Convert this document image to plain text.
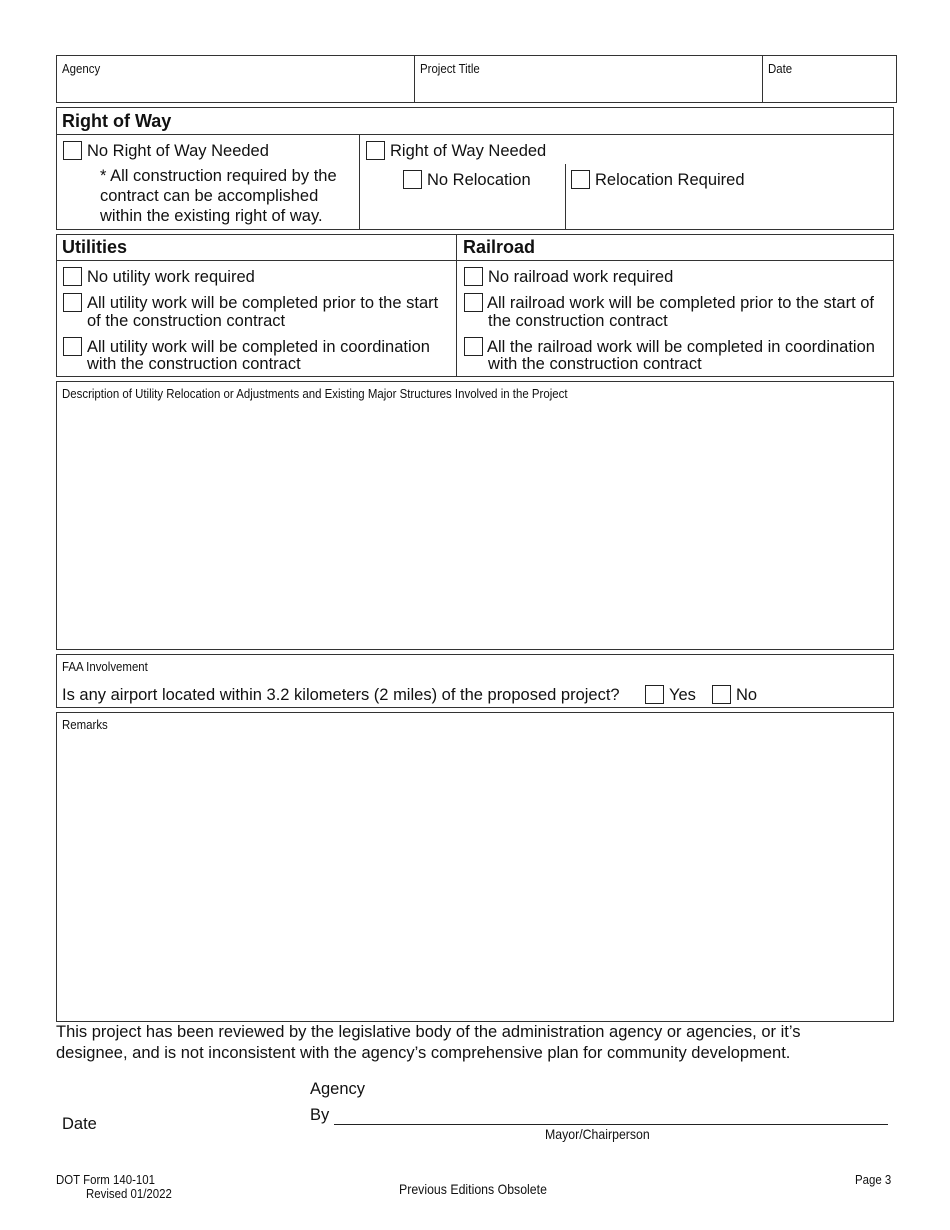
Agency	Project Title	Date
Right of Way
No Right of Way Needed
* All construction required by the
contract can be accomplished
within the existing right of way.
Right of Way Needed
No Relocation	Relocation Required
Utilities	Railroad
No utility work required
All utility work will be completed prior to the start
of the construction contract
All utility work will be completed in coordination
with the construction contract
No railroad work required
All railroad work will be completed prior to the start of
the construction contract
All the railroad work will be completed in coordination
with the construction contract
Description of Utility Relocation or Adjustments and Existing Major Structures Involved in the Project
FAA Involvement
Is any airport located within 3.2 kilometers (2 miles) of the proposed project?	Yes No
Remarks
This project has been reviewed by the legislative body of the administration agency or agencies, or it’s
designee, and is not inconsistent with the agency’s comprehensive plan for community development.
Agency
By
Date
Mayor/Chairperson
DOT Form 140-101
Revised 01/2022	Previous Editions Obsolete
Page 3
